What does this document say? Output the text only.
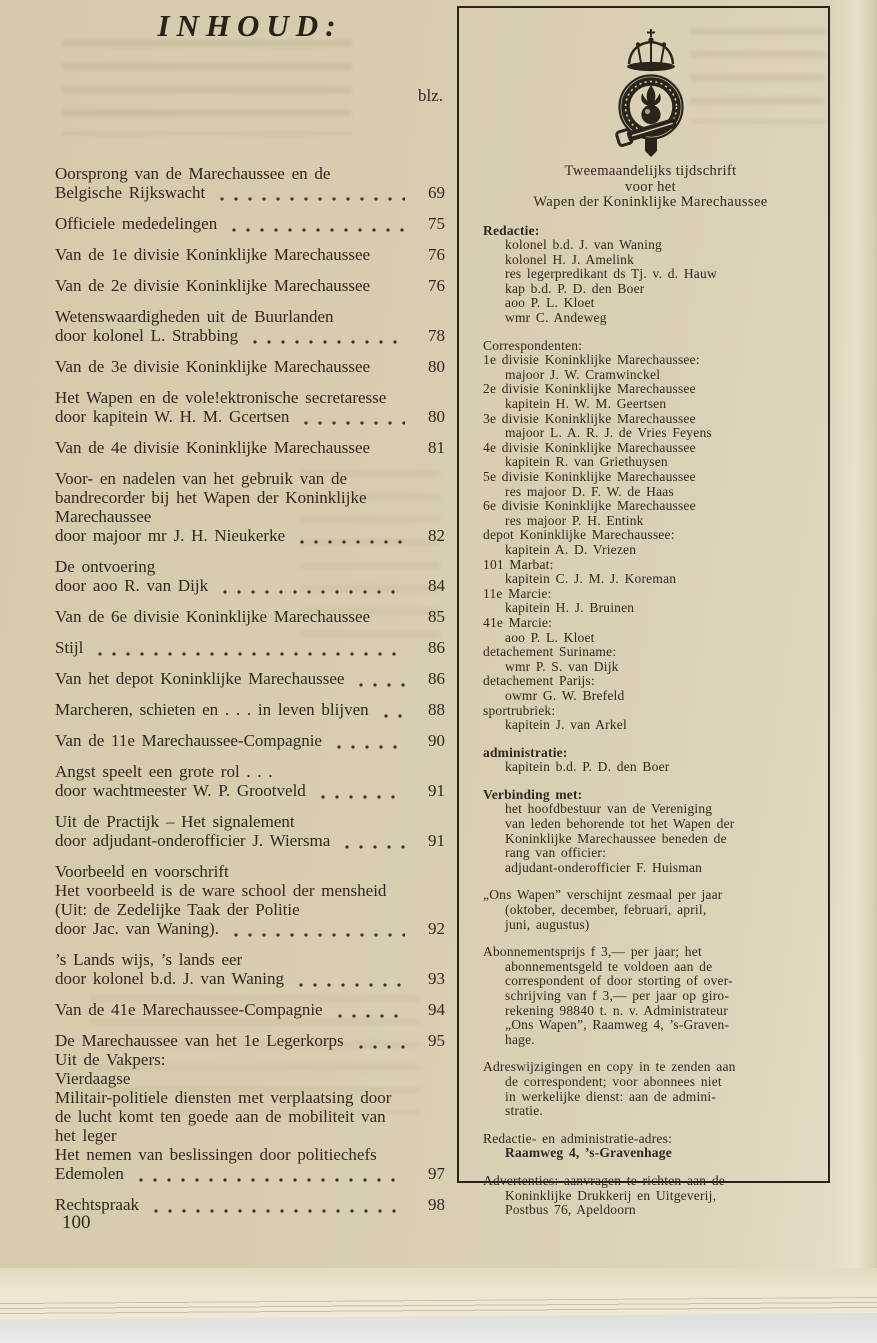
INHOUD:
blz.
Oorsprong van de Marechaussee en de
Belgische Rijkswacht	69
Officiele mededelingen	75
Van de 1e divisie Koninklijke Marechaussee	76
Van de 2e divisie Koninklijke Marechaussee	76
Wetenswaardigheden uit de Buurlanden
door kolonel L. Strabbing	78
Van de 3e divisie Koninklijke Marechaussee	80
Het Wapen en de vole!ektronische secretaresse
door kapitein W. H. M. Gcertsen	80
Van de 4e divisie Koninklijke Marechaussee	81
Voor- en nadelen van het gebruik van de
bandrecorder bij het Wapen der Koninklijke
Marechaussee
door majoor mr J. H. Nieukerke	82
De ontvoering
door aoo R. van Dijk	84
Van de 6e divisie Koninklijke Marechaussee	85
Stijl	86
Van het depot Koninklijke Marechaussee	86
Marcheren, schieten en . . . in leven blijven	88
Van de 11e Marechaussee-Compagnie	90
Angst speelt een grote rol . . .
door wachtmeester W. P. Grootveld	91
Uit de Practijk – Het signalement
door adjudant-onderofficier J. Wiersma	91
Voorbeeld en voorschrift
Het voorbeeld is de ware school der mensheid
(Uit: de Zedelijke Taak der Politie
door Jac. van Waning).	92
’s Lands wijs, ’s lands eer
door kolonel b.d. J. van Waning	93
Van de 41e Marechaussee-Compagnie	94
De Marechaussee van het 1e Legerkorps	95
Uit de Vakpers:
Vierdaagse
Militair-politiele diensten met verplaatsing door
de lucht komt ten goede aan de mobiliteit van
het leger
Het nemen van beslissingen door politiechefs
Edemolen	97
Rechtspraak	98
100
Tweemaandelijks tijdschrift
voor het
Wapen der Koninklijke Marechaussee
Redactie:
kolonel b.d. J. van Waning
kolonel H. J. Amelink
res legerpredikant ds Tj. v. d. Hauw
kap b.d. P. D. den Boer
aoo P. L. Kloet
wmr C. Andeweg
Correspondenten:
1e divisie Koninklijke Marechaussee:
majoor J. W. Cramwinckel
2e divisie Koninklijke Marechaussee
kapitein H. W. M. Geertsen
3e divisie Koninklijke Marechaussee
majoor L. A. R. J. de Vries Feyens
4e divisie Koninklijke Marechaussee
kapitein R. van Griethuysen
5e divisie Koninklijke Marechaussee
res majoor D. F. W. de Haas
6e divisie Koninklijke Marechaussee
res majoor P. H. Entink
depot Koninklijke Marechaussee:
kapitein A. D. Vriezen
101 Marbat:
kapitein C. J. M. J. Koreman
11e Marcie:
kapitein H. J. Bruinen
41e Marcie:
aoo P. L. Kloet
detachement Suriname:
wmr P. S. van Dijk
detachement Parijs:
owmr G. W. Brefeld
sportrubriek:
kapitein J. van Arkel
administratie:
kapitein b.d. P. D. den Boer
Verbinding met:
het hoofdbestuur van de Vereniging
van leden behorende tot het Wapen der
Koninklijke Marechaussee beneden de
rang van officier:
adjudant-onderofficier F. Huisman
„Ons Wapen” verschijnt zesmaal per jaar
(oktober, december, februari, april,
juni, augustus)
Abonnementsprijs f 3,— per jaar; het
abonnementsgeld te voldoen aan de
correspondent of door storting of over-
schrijving van f 3,— per jaar op giro-
rekening 98840 t. n. v. Administrateur
„Ons Wapen”, Raamweg 4, ’s-Graven-
hage.
Adreswijzigingen en copy in te zenden aan
de correspondent; voor abonnees niet
in werkelijke dienst: aan de admini-
stratie.
Redactie- en administratie-adres:
Raamweg 4, ’s-Gravenhage
Advertenties: aanvragen te richten aan de
Koninklijke Drukkerij en Uitgeverij,
Postbus 76, Apeldoorn
